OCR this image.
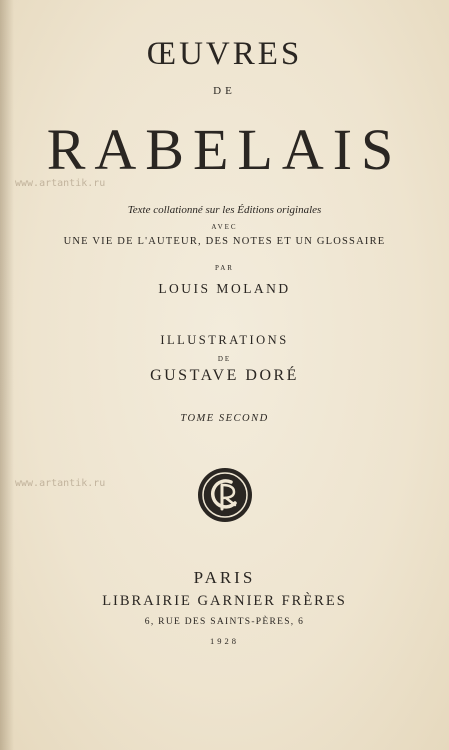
www.artantik.ru
www.artantik.ru
ŒUVRES
DE
RABELAIS
Texte collationné sur les Éditions originales
AVEC
UNE VIE DE L'AUTEUR, DES NOTES ET UN GLOSSAIRE
PAR
LOUIS MOLAND
ILLUSTRATIONS
DE
GUSTAVE DORÉ
TOME SECOND
PARIS
LIBRAIRIE GARNIER FRÈRES
6, RUE DES SAINTS-PÈRES, 6
1928
